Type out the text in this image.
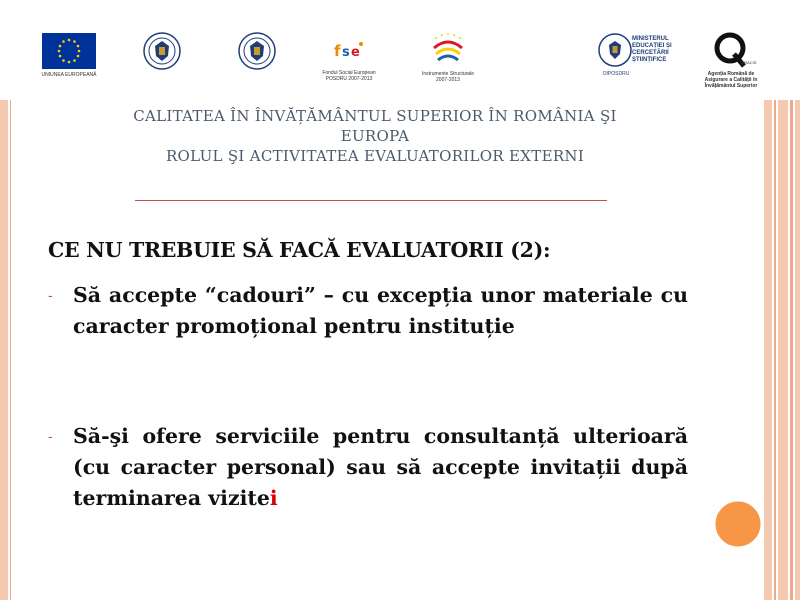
UNIUNEA EUROPEANĂ
f s e
Fondul Social European
POSDRU 2007-2013
Instrumente Structurale
2007-2013
MINISTERUL
EDUCAȚIEI ȘI
CERCETĂRII
ȘTIINȚIFICE
OIPOSDRU
ARACIS
Agenția Română de
Asigurare a Calității în
Învățământul Superior
CALITATEA ÎN ÎNVĂȚĂMÂNTUL SUPERIOR ÎN ROMÂNIA ŞI
EUROPA
ROLUL ŞI ACTIVITATEA EVALUATORILOR EXTERNI
CE NU TREBUIE SĂ FACĂ EVALUATORII (2):
- Să accepte “cadouri” – cu excepția unor materiale cu caracter promoțional pentru instituție
- Să-şi ofere serviciile pentru consultanță ulterioară (cu caracter personal) sau să accepte invitații după terminarea vizitei
